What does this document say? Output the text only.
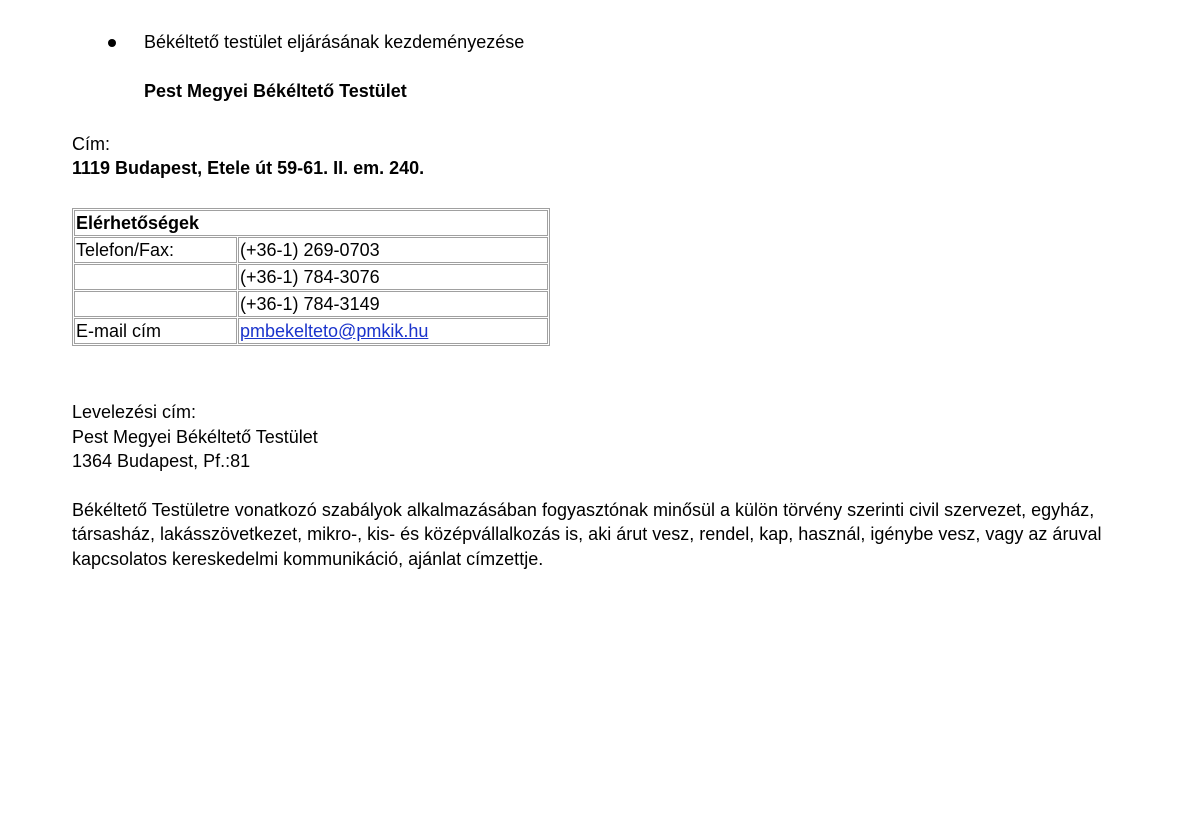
Békéltető testület eljárásának kezdeményezése
Pest Megyei Békéltető Testület
Cím:
1119 Budapest, Etele út 59-61. II. em. 240.
Elérhetőségek	
Telefon/Fax:	(+36-1) 269-0703
	(+36-1) 784-3076
	(+36-1) 784-3149
E-mail cím	pmbekelteto@pmkik.hu
Levelezési cím:
Pest Megyei Békéltető Testület
1364 Budapest, Pf.:81
Békéltető Testületre vonatkozó szabályok alkalmazásában fogyasztónak minősül a külön törvény szerinti civil szervezet, egyház, társasház, lakásszövetkezet, mikro-, kis- és középvállalkozás is, aki árut vesz, rendel, kap, használ, igénybe vesz, vagy az áruval kapcsolatos kereskedelmi kommunikáció, ajánlat címzettje.
